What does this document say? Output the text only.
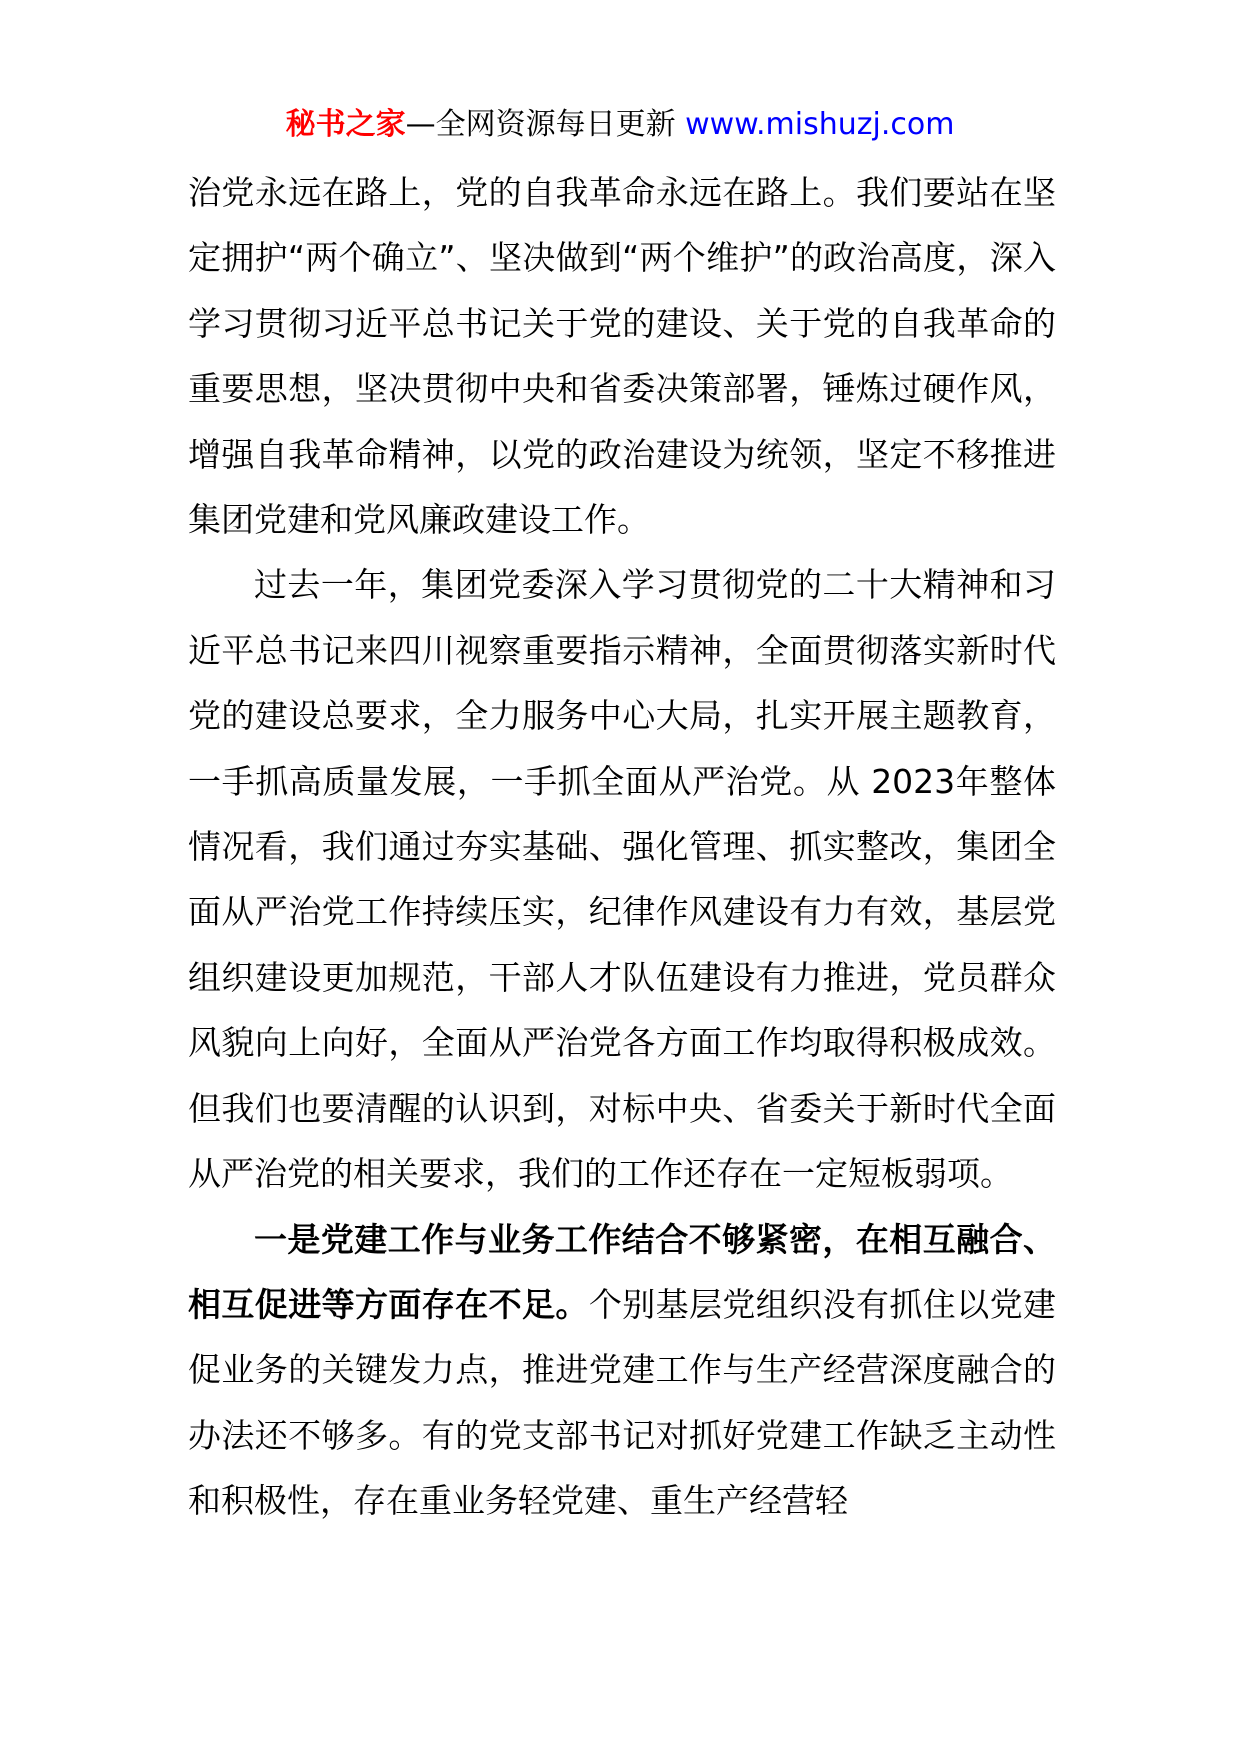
秘书之家—全网资源每日更新 www.mishuzj.com

治党永远在路上，党的自我革命永远在路上。我们要站在坚定拥护“两个确立”、坚决做到“两个维护”的政治高度，深入学习贯彻习近平总书记关于党的建设、关于党的自我革命的重要思想，坚决贯彻中央和省委决策部署，锤炼过硬作风，增强自我革命精神，以党的政治建设为统领，坚定不移推进集团党建和党风廉政建设工作。

过去一年，集团党委深入学习贯彻党的二十大精神和习近平总书记来四川视察重要指示精神，全面贯彻落实新时代党的建设总要求，全力服务中心大局，扎实开展主题教育，一手抓高质量发展，一手抓全面从严治党。从 2023年整体情况看，我们通过夯实基础、强化管理、抓实整改，集团全面从严治党工作持续压实，纪律作风建设有力有效，基层党组织建设更加规范，干部人才队伍建设有力推进，党员群众风貌向上向好，全面从严治党各方面工作均取得积极成效。但我们也要清醒的认识到，对标中央、省委关于新时代全面从严治党的相关要求，我们的工作还存在一定短板弱项。

一是党建工作与业务工作结合不够紧密，在相互融合、相互促进等方面存在不足。个别基层党组织没有抓住以党建促业务的关键发力点，推进党建工作与生产经营深度融合的办法还不够多。有的党支部书记对抓好党建工作缺乏主动性和积极性，存在重业务轻党建、重生产经营轻
